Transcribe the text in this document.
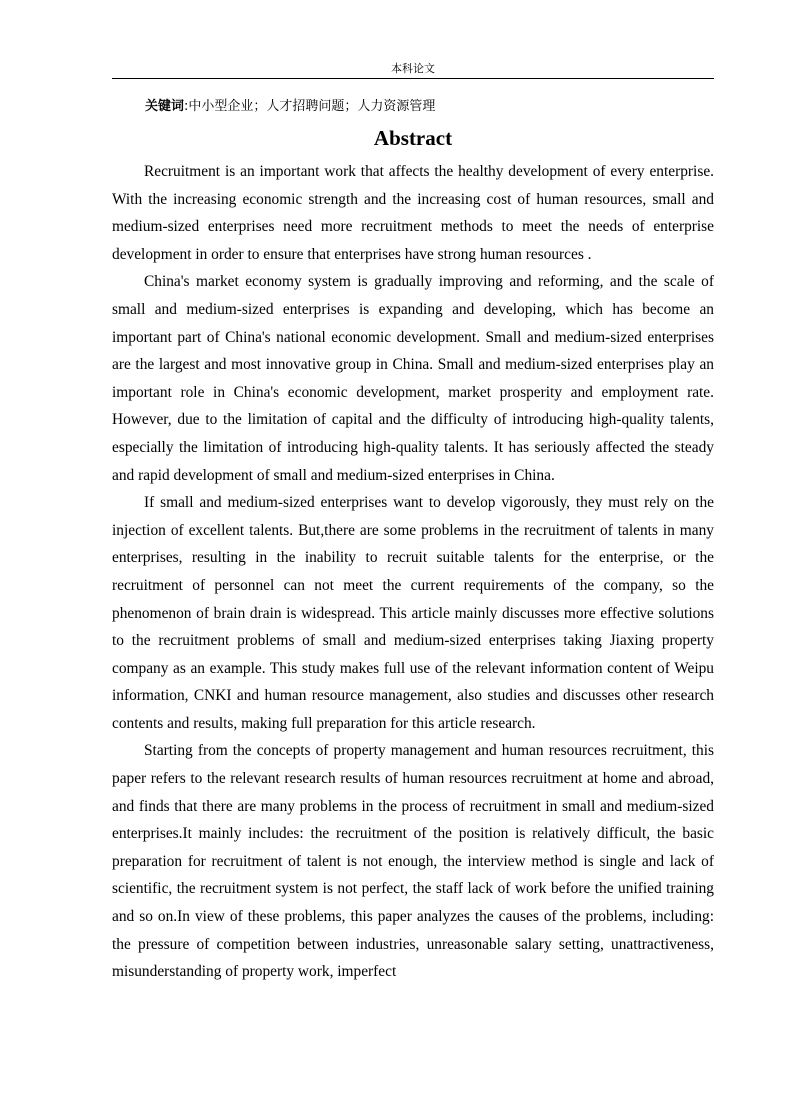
本科论文
关键词:中小型企业；人才招聘问题；人力资源管理
Abstract

Recruitment is an important work that affects the healthy development of every enterprise. With the increasing economic strength and the increasing cost of human resources, small and medium-sized enterprises need more recruitment methods to meet the needs of enterprise development in order to ensure that enterprises have strong human resources .

China's market economy system is gradually improving and reforming, and the scale of small and medium-sized enterprises is expanding and developing, which has become an important part of China's national economic development. Small and medium-sized enterprises are the largest and most innovative group in China. Small and medium-sized enterprises play an important role in China's economic development, market prosperity and employment rate. However, due to the limitation of capital and the difficulty of introducing high-quality talents, especially the limitation of introducing high-quality talents. It has seriously affected the steady and rapid development of small and medium-sized enterprises in China.

If small and medium-sized enterprises want to develop vigorously, they must rely on the injection of excellent talents. But,there are some problems in the recruitment of talents in many enterprises, resulting in the inability to recruit suitable talents for the enterprise, or the recruitment of personnel can not meet the current requirements of the company, so the phenomenon of brain drain is widespread. This article mainly discusses more effective solutions to the recruitment problems of small and medium-sized enterprises taking Jiaxing property company as an example. This study makes full use of the relevant information content of Weipu information, CNKI and human resource management, also studies and discusses other research contents and results, making full preparation for this article research.

Starting from the concepts of property management and human resources recruitment, this paper refers to the relevant research results of human resources recruitment at home and abroad, and finds that there are many problems in the process of recruitment in small and medium-sized enterprises.It mainly includes: the recruitment of the position is relatively difficult, the basic preparation for recruitment of talent is not enough, the interview method is single and lack of scientific, the recruitment system is not perfect, the staff lack of work before the unified training and so on.In view of these problems, this paper analyzes the causes of the problems, including: the pressure of competition between industries, unreasonable salary setting, unattractiveness, misunderstanding of property work, imperfect
